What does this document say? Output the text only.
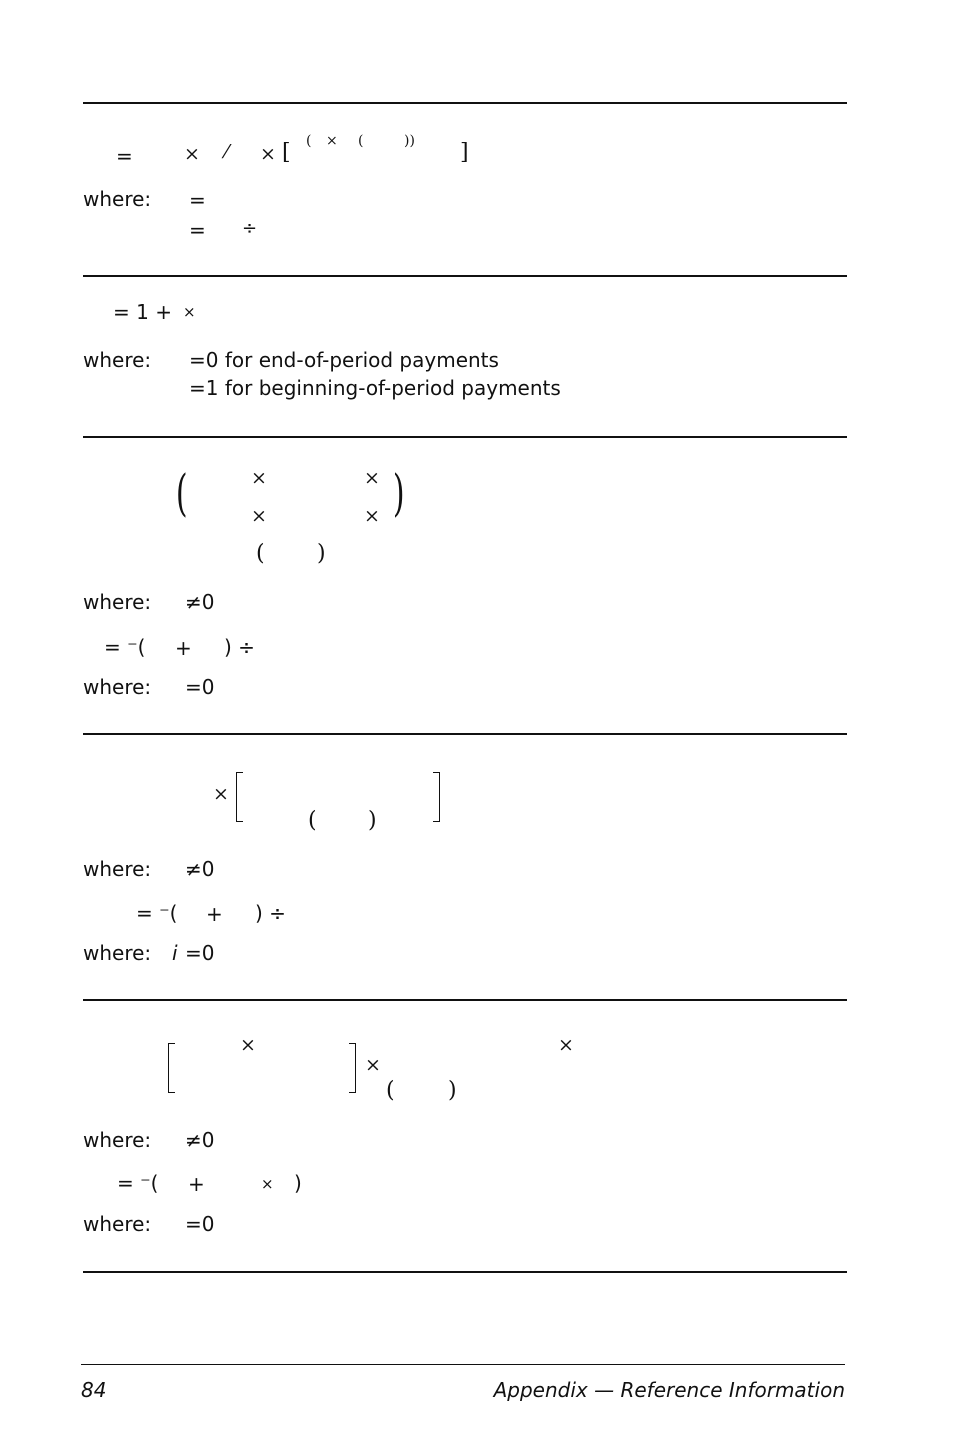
=	× ⁄ × [ ( × (	)) ]
where: =
= ÷
= 1 + ×
where: =0 for end-of-period payments
=1 for beginning-of-period payments
(	)
×	×
×	×
( )
where: ≠0
= ⁻( + ) ÷
where: =0
×
( )
where: ≠0
= ⁻( + ) ÷
where: i =0
×
×
( )
×
where: ≠0
= ⁻( +	× )
where: =0
84	Appendix — Reference Information
